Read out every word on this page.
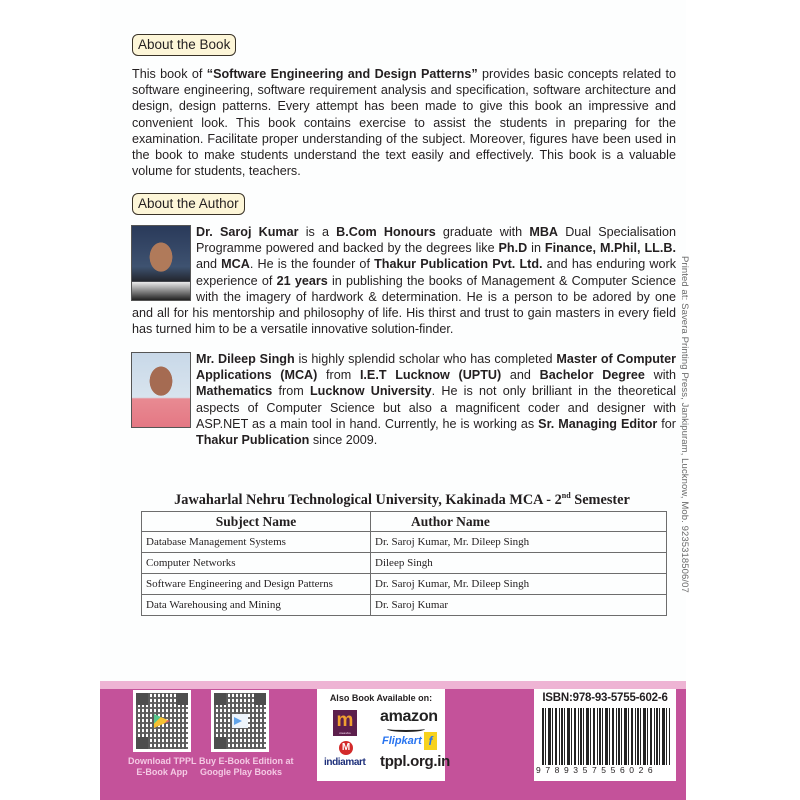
About the Book
This book of “Software Engineering and Design Patterns” provides basic concepts related to software engineering, software requirement analysis and specification, software architecture and design, design patterns. Every attempt has been made to give this book an impressive and convenient look. This book contains exercise to assist the students in preparing for the examination. Facilitate proper understanding of the subject. Moreover, figures have been used in the book to make students understand the text easily and effectively. This book is a valuable volume for students, teachers.
About the Author
Dr. Saroj Kumar is a B.Com Honours graduate with MBA Dual Specialisation Programme powered and backed by the degrees like Ph.D in Finance, M.Phil, LL.B. and MCA. He is the founder of Thakur Publication Pvt. Ltd. and has enduring work experience of 21 years in publishing the books of Management & Computer Science with the imagery of hardwork & determination. He is a person to be adored by one and all for his mentorship and philosophy of life. His thirst and trust to gain masters in every field has turned him to be a versatile innovative solution-finder.
Mr. Dileep Singh is highly splendid scholar who has completed Master of Computer Applications (MCA) from I.E.T Lucknow (UPTU) and Bachelor Degree with Mathematics from Lucknow University. He is not only brilliant in the theoretical aspects of Computer Science but also a magnificent coder and designer with ASP.NET as a main tool in hand. Currently, he is working as Sr. Managing Editor for Thakur Publication since 2009.	Printed at: Savera Printing Press, Jankipuram, Lucknow, Mob. 9235318506/07
Jawaharlal Nehru Technological University, Kakinada MCA - 2nd Semester
Subject Name	Author Name
Database Management Systems	Dr. Saroj Kumar, Mr. Dileep Singh
Computer Networks	Dileep Singh
Software Engineering and Design Patterns	Dr. Saroj Kumar, Mr. Dileep Singh
Data Warehousing and Mining	Dr. Saroj Kumar
Download TPPL
E-Book App
Buy E-Book Edition at
Google Play Books
Also Book Available on:
m
meesho
amazon
Flipkart f
M
indiamart tppl.org.in
ISBN:978-93-5755-602-6
9789357556026
